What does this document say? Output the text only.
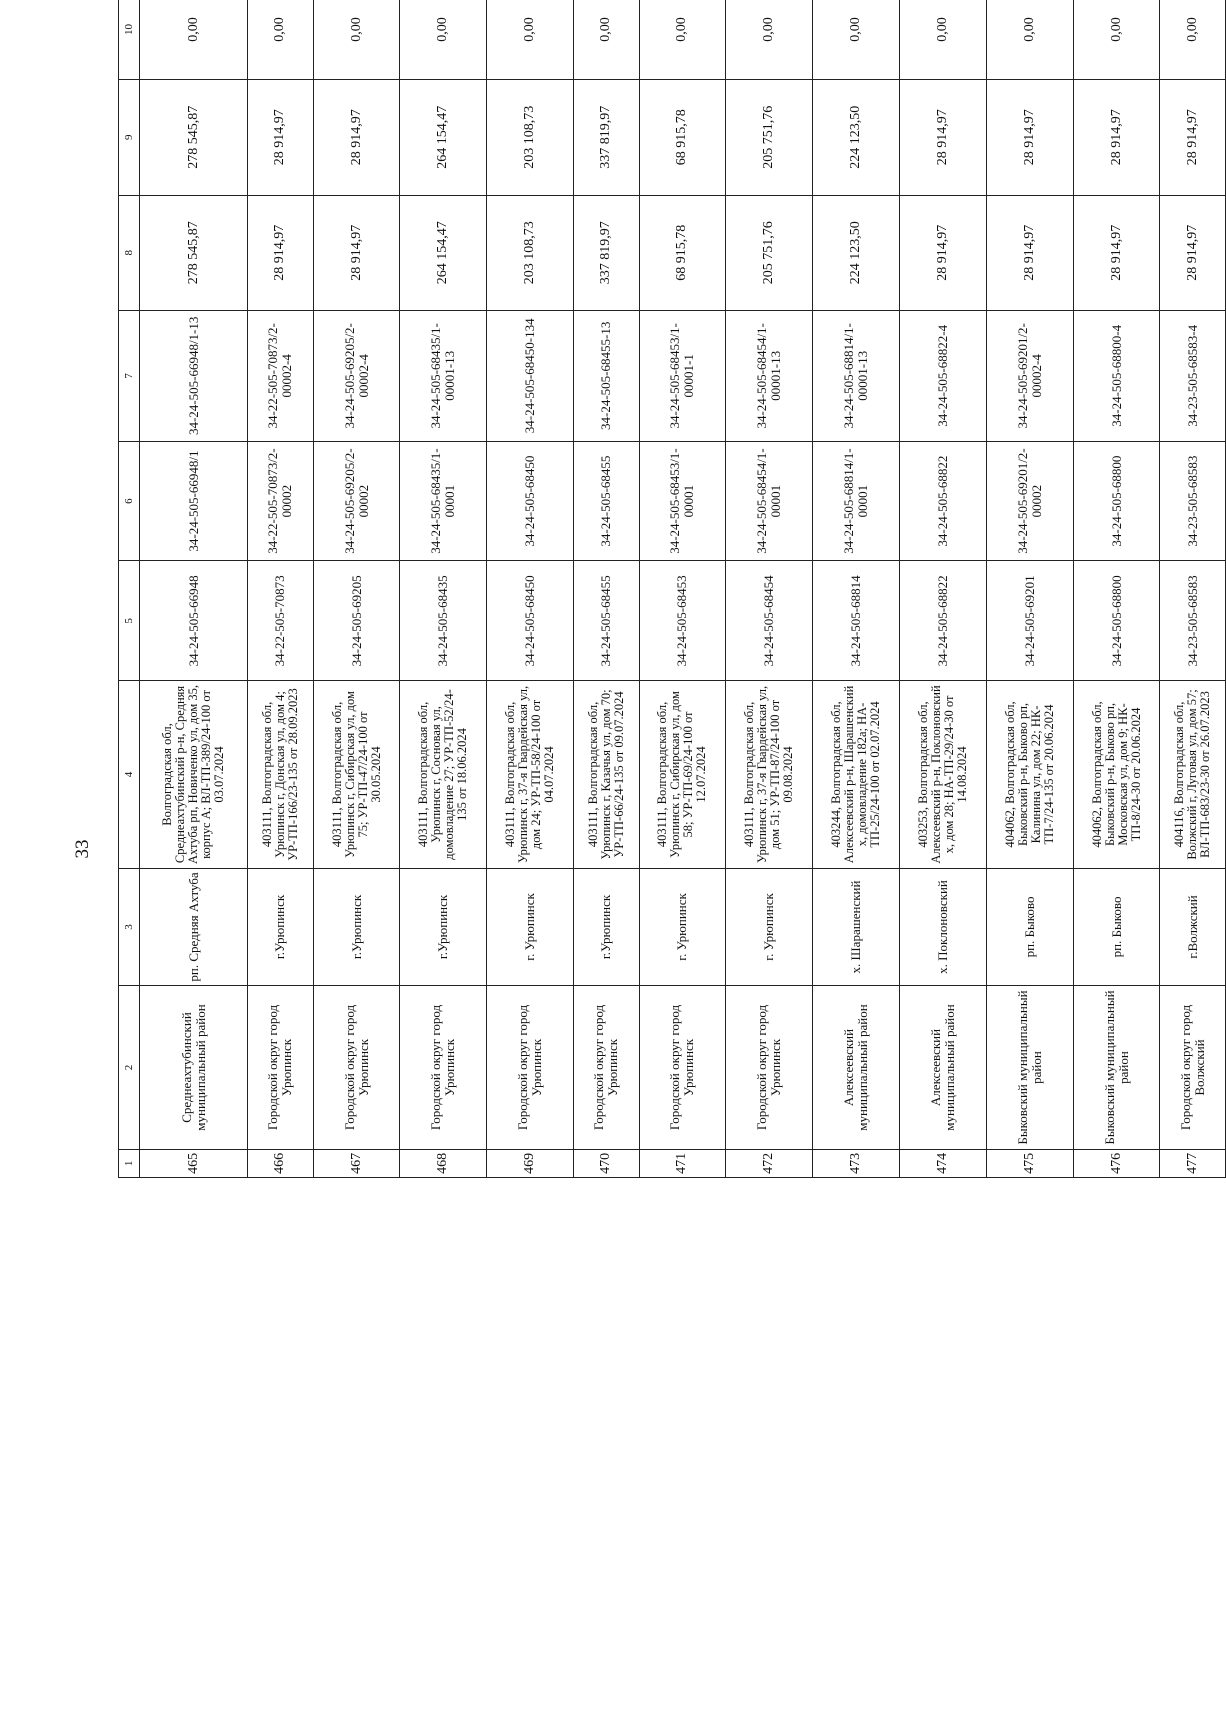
33
1	2	3	4	5	6	7	8	9	10			
465	Среднеахтубинский муниципальный район	рп. Средняя Ахтуба	Волгоградская обл, Среднеахтубинский р-н, Средняя Ахтуба рп, Новиченко ул, дом 35, корпус А; ВЛ-ТП-389/24-100 от 03.07.2024	34-24-505-66948	34-24-505-66948/1	34-24-505-66948/1-13	278 545,87	278 545,87	0,00			
466	Городской округ город Урюпинск	г.Урюпинск	403111, Волгоградская обл, Урюпинск г, Донская ул, дом 4; УР-ТП-166/23-135 от 28.09.2023	34-22-505-70873	34-22-505-70873/2-00002	34-22-505-70873/2-00002-4	28 914,97	28 914,97	0,00			
467	Городской округ город Урюпинск	г.Урюпинск	403111, Волгоградская обл, Урюпинск г, Сибирская ул, дом 75; УР-ТП-47/24-100 от 30.05.2024	34-24-505-69205	34-24-505-69205/2-00002	34-24-505-69205/2-00002-4	28 914,97	28 914,97	0,00			
468	Городской округ город Урюпинск	г.Урюпинск	403111, Волгоградская обл, Урюпинск г, Сосновая ул, домовладение 27; УР-ТП-52/24-135 от 18.06.2024	34-24-505-68435	34-24-505-68435/1-00001	34-24-505-68435/1-00001-13	264 154,47	264 154,47	0,00			
469	Городской округ город Урюпинск	г. Урюпинск	403111, Волгоградская обл, Урюпинск г, 37-я Гвардейская ул, дом 24; УР-ТП-58/24-100 от 04.07.2024	34-24-505-68450	34-24-505-68450	34-24-505-68450-134	203 108,73	203 108,73	0,00			
470	Городской округ город Урюпинск	г.Урюпинск	403111, Волгоградская обл, Урюпинск г, Казачья ул, дом 70; УР-ТП-66/24-135 от 09.07.2024	34-24-505-68455	34-24-505-68455	34-24-505-68455-13	337 819,97	337 819,97	0,00			
471	Городской округ город Урюпинск	г. Урюпинск	403111, Волгоградская обл, Урюпинск г, Сибирская ул, дом 58; УР-ТП-69/24-100 от 12.07.2024	34-24-505-68453	34-24-505-68453/1-00001	34-24-505-68453/1-00001-1	68 915,78	68 915,78	0,00			
472	Городской округ город Урюпинск	г. Урюпинск	403111, Волгоградская обл, Урюпинск г, 37-я Гвардейская ул, дом 51; УР-ТП-87/24-100 от 09.08.2024	34-24-505-68454	34-24-505-68454/1-00001	34-24-505-68454/1-00001-13	205 751,76	205 751,76	0,00			
473	Алексеевский муниципальный район	х. Шарашенский	403244, Волгоградская обл, Алексеевский р-н, Шарашенский х, домовладение 182а; НА-ТП-25/24-100 от 02.07.2024	34-24-505-68814	34-24-505-68814/1-00001	34-24-505-68814/1-00001-13	224 123,50	224 123,50	0,00			
474	Алексеевский муниципальный район	х. Поклоновский	403253, Волгоградская обл, Алексеевский р-н, Поклоновский х, дом 28; НА-ТП-29/24-30 от 14.08.2024	34-24-505-68822	34-24-505-68822	34-24-505-68822-4	28 914,97	28 914,97	0,00			
475	Быковский муниципальный район	рп. Быково	404062, Волгоградская обл, Быковский р-н, Быково рп, Калинина ул, дом 22; НК-ТП-7/24-135 от 20.06.2024	34-24-505-69201	34-24-505-69201/2-00002	34-24-505-69201/2-00002-4	28 914,97	28 914,97	0,00			
476	Быковский муниципальный район	рп. Быково	404062, Волгоградская обл, Быковский р-н, Быково рп, Московская ул, дом 9; НК-ТП-8/24-30 от 20.06.2024	34-24-505-68800	34-24-505-68800	34-24-505-68800-4	28 914,97	28 914,97	0,00			
477	Городской округ город Волжский	г.Волжский	404116, Волгоградская обл, Волжский г, Луговая ул, дом 57; ВЛ-ТП-683/23-30 от 26.07.2023	34-23-505-68583	34-23-505-68583	34-23-505-68583-4	28 914,97	28 914,97	0,00			
